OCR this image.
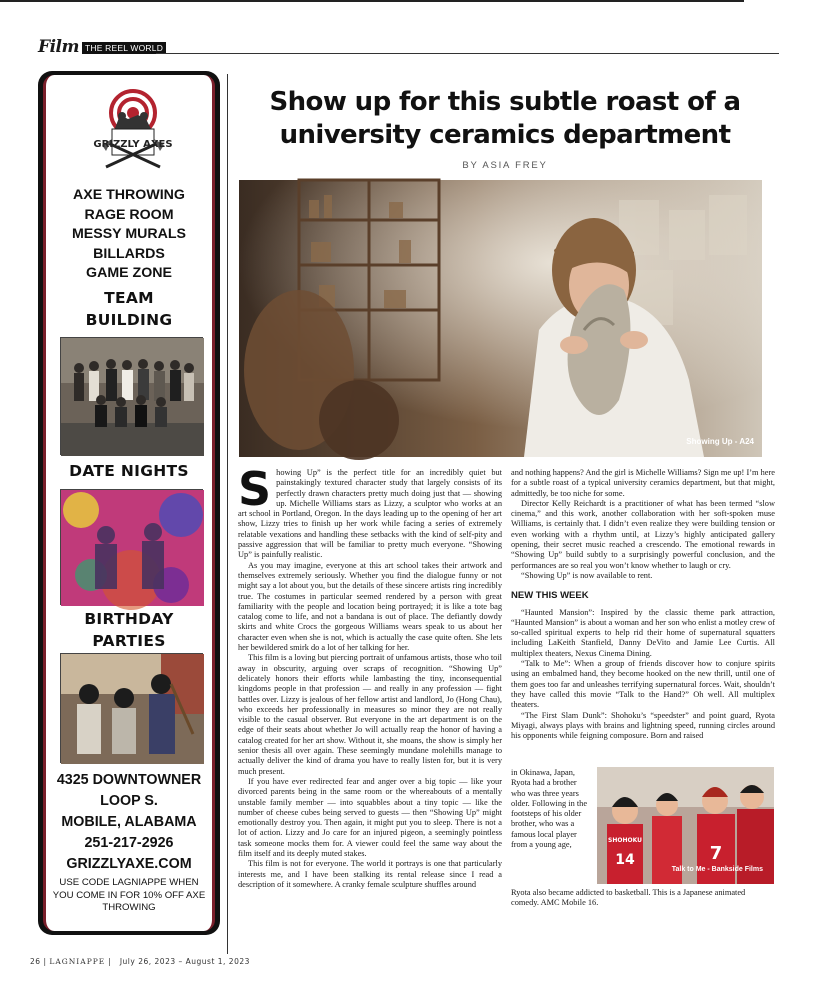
Film THE REEL WORLD
GRIZZLY AXES
AXE THROWING
RAGE ROOM
MESSY MURALS
BILLARDS
GAME ZONE
TEAM BUILDING
DATE NIGHTS
BIRTHDAY PARTIES
4325 DOWNTOWNER
LOOP S.
MOBILE, ALABAMA
251-217-2926
GRIZZLYAXE.COM
USE CODE LAGNIAPPE WHEN YOU COME IN FOR 10% OFF AXE THROWING
Show up for this subtle roast of a university ceramics department
BY ASIA FREY
Showing Up - A24

Showing Up” is the perfect title for an incredibly quiet but painstakingly textured character study that largely consists of its perfectly drawn characters pretty much doing just that — showing up. Michelle Williams stars as Lizzy, a sculptor who works at an art school in Portland, Oregon. In the days leading up to the opening of her art show, Lizzy tries to finish up her work while facing a series of extremely relatable vexations and handling these setbacks with the kind of self-pity and passive aggression that will be familiar to pretty much everyone. “Showing Up” is painfully realistic.

As you may imagine, everyone at this art school takes their artwork and themselves extremely seriously. Whether you find the dialogue funny or not might say a lot about you, but the details of these sincere artists ring incredibly true. The costumes in particular seemed rendered by a person with great familiarity with the people and location being portrayed; it is like a tote bag catalog come to life, and not a bandana is out of place. The defiantly dowdy skirts and white Crocs the gorgeous Williams wears speak to us about her character even when she is not, which is actually the case quite often. She lets her bewildered smirk do a lot of her talking for her.

This film is a loving but piercing portrait of unfamous artists, those who toil away in obscurity, arguing over scraps of recognition. “Showing Up” delicately honors their efforts while lambasting the tiny, inconsequential kingdoms people in that profession — and really in any profession — fight battles over. Lizzy is jealous of her fellow artist and landlord, Jo (Hong Chau), who exceeds her professionally in measures so minor they are not really visible to the casual observer. But everyone in the art department is on the edge of their seats about whether Jo will actually reap the honor of having a catalog created for her art show. Without it, she moans, the show is simply her senior thesis all over again. These seemingly mundane molehills manage to actually deliver the kind of drama you have to really listen for, but it is very much present.

If you have ever redirected fear and anger over a big topic — like your divorced parents being in the same room or the whereabouts of a mentally unstable family member — into squabbles about a tiny topic — like the number of cheese cubes being served to guests — then “Showing Up” might emotionally destroy you. Then again, it might put you to sleep. There is not a lot of action. Lizzy and Jo care for an injured pigeon, a seemingly pointless task someone mocks them for. A viewer could feel the same way about the film itself and its deeply muted stakes.

This film is not for everyone. The world it portrays is one that particularly interests me, and I have been stalking its rental release since I read a description of it somewhere. A cranky female sculpture shuffles around

and nothing happens? And the girl is Michelle Williams? Sign me up! I’m here for a subtle roast of a typical university ceramics department, but that might, admittedly, be too niche for some.

Director Kelly Reichardt is a practitioner of what has been termed “slow cinema,” and this work, another collaboration with her soft-spoken muse Williams, is certainly that. I didn’t even realize they were building tension or even working with a rhythm until, at Lizzy’s highly anticipated gallery opening, their secret music reached a crescendo. The emotional rewards in “Showing Up” build subtly to a surprisingly powerful conclusion, and the performances are so real you won’t know whether to laugh or cry.

“Showing Up” is now available to rent.

NEW THIS WEEK

“Haunted Mansion”: Inspired by the classic theme park attraction, “Haunted Mansion” is about a woman and her son who enlist a motley crew of so-called spiritual experts to help rid their home of supernatural squatters including LaKeith Stanfield, Danny DeVito and Jamie Lee Curtis. All multiplex theaters, Nexus Cinema Dining.

“Talk to Me”: When a group of friends discover how to conjure spirits using an embalmed hand, they become hooked on the new thrill, until one of them goes too far and unleashes terrifying supernatural forces. Wait, shouldn’t they have called this movie “Talk to the Hand?” Oh well. All multiplex theaters.

“The First Slam Dunk”: Shohoku’s “speedster” and point guard, Ryota Miyagi, always plays with brains and lightning speed, running circles around his opponents while feigning composure. Born and raised

in Okinawa, Japan, Ryota had a brother who was three years older. Following in the footsteps of his older brother, who was a famous local player from a young age,	SHOHOKU
14	7
Talk to Me - Bankside Films
Ryota also became addicted to basketball. This is a Japanese animated comedy. AMC Mobile 16.
26 | LAGNIAPPE |   July 26, 2023 – August 1, 2023
